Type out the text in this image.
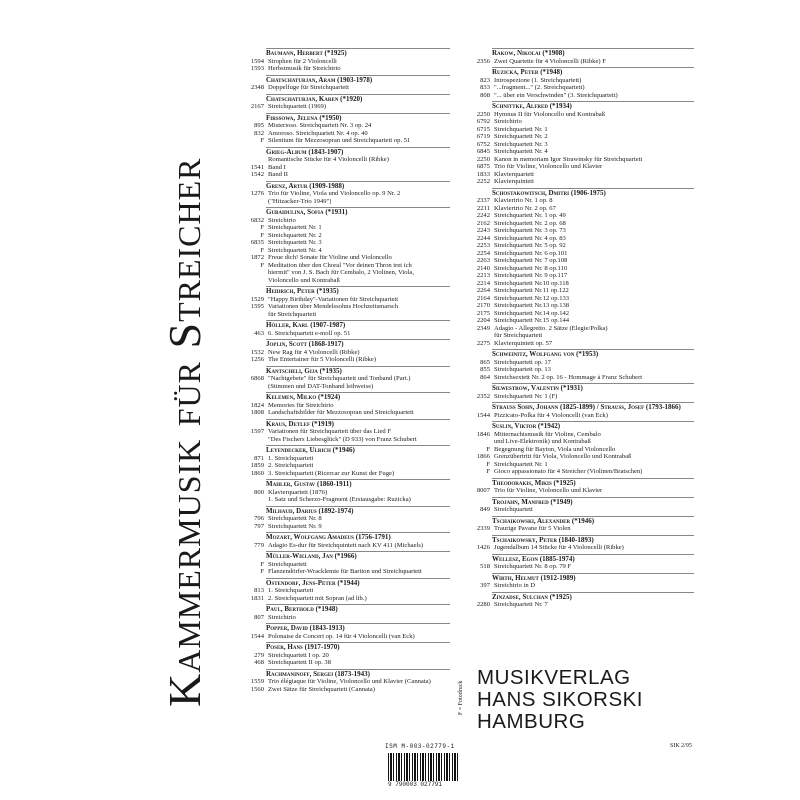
Kammermusik für Streicher	F = Fotodruck
Baumann, Herbert (*1925)
1594 Strophen für 2 Violoncelli
1593 Herbstmusik für Streichtrio
Chatschaturjan, Aram (1903-1978)
2348 Doppelfuge für Streichquartett
Chatschaturjan, Karen (*1920)
2167 Streichquartett (1969)
Firssowa, Jelena (*1950)
895 Misterioso. Streichquartett Nr. 3 op. 24
832 Amoroso. Streichquartett Nr. 4 op. 40
F Silentium für Mezzosopran und Streichquartett op. 51
Grieg-Album (1843-1907)
Romantische Stücke für 4 Violoncelli (Ribke)
1541 Band I
1542 Band II
Grenz, Artur (1909-1988)
1276 Trio für Violine, Viola und Violoncello op. 9 Nr. 2
("Hitzacker-Trio 1949")
Gubaidulina, Sofia (*1931)
6832 Streichtrio
F Streichquartett Nr. 1
F Streichquartett Nr. 2
6835 Streichquartett Nr. 3
F Streichquartett Nr. 4
1872 Freue dich! Sonate für Violine und Violoncello
F Meditation über den Choral "Vor deinen Thron tret ich
hiermit" von J. S. Bach für Cembalo, 2 Violinen, Viola,
Violoncello und Kontrabaß
Heidrich, Peter (*1935)
1529 "Happy Birthday"-Variationen für Streichquartett
1595 Variationen über Mendelssohns Hochzeitsmarsch
für Streichquartett
Höller, Karl (1907-1987)
463 6. Streichquartett e-moll op. 51
Joplin, Scott (1868-1917)
1532 New Rag für 4 Violoncelli (Ribke)
1256 The Entertainer für 5 Violoncelli (Ribke)
Kantscheli, Gija (*1935)
6868 "Nachtgebete" für Streichquartett und Tonband (Part.)
(Stimmen und DAT-Tonband leihweise)
Kelemen, Milko (*1924)
1824 Memories für Streichtrio
1808 Landschaftsbilder für Mezzosopran und Streichquartett
Kraus, Detlef (*1919)
1597 Variationen für Streichquartett über das Lied F
"Des Fischers Liebesglück" (D 933) von Franz Schubert
Leyendecker, Ulrich (*1946)
871 1. Streichquartett
1859 2. Streichquartett
1860 3. Streichquartett (Ricercar zur Kunst der Fuge)
Mahler, Gustav (1860-1911)
800 Klavierquartett (1876)
1. Satz und Scherzo-Fragment (Erstausgabe: Ruzicka)
Milhaud, Darius (1892-1974)
796 Streichquartett Nr. 8
797 Streichquartett Nr. 9
Mozart, Wolfgang Amadeus (1756-1791)
779 Adagio Es-dur für Streichquintett nach KV 411 (Michaels)
Müller-Wieland, Jan (*1966)
F Streichquartett
F Flanzendörfer-Wracklemte für Bariton und Streichquartett
Ostendorf, Jens-Peter (*1944)
813 1. Streichquartett
1831 2. Streichquartett mit Sopran (ad lib.)
Paul, Berthold (*1948)
807 Streichtrio
Popper, David (1843-1913)
1544 Polonaise de Concert op. 14 für 4 Violoncelli (van Eck)
Poser, Hans (1917-1970)
279 Streichquartett I op. 20
468 Streichquartett II op. 38
Rachmaninoff, Sergei (1873-1943)
1559 Trio élégiaque für Violine, Violoncello und Klavier (Cannata)
1560 Zwei Sätze für Streichquartett (Cannata)
Rakow, Nikolai (*1908)
2356 Zwei Quartette für 4 Violoncelli (Ribke) F
Ruzicka, Peter (*1948)
823 Introspezione (1. Streichquartett)
833 "...fragment..." (2. Streichquartett)
808 "... über ein Verschwinden" (3. Streichquartett)
Schnittke, Alfred (*1934)
2250 Hymnus II für Violoncello und Kontrabaß
6792 Streichtrio
6715 Streichquartett Nr. 1
6719 Streichquartett Nr. 2
6752 Streichquartett Nr. 3
6845 Streichquartett Nr. 4
2250 Kanon in memoriam Igor Strawinsky für Streichquartett
6875 Trio für Violine, Violoncello und Klavier
1833 Klavierquartett
2252 Klavierquintett
Schostakowitsch, Dmitri (1906-1975)
2337 Klaviertrio Nr. 1 op. 8
2211 Klaviertrio Nr. 2 op. 67
2242 Streichquartett Nr. 1 op. 49
2162 Streichquartett Nr. 2 op. 68
2243 Streichquartett Nr. 3 op. 73
2244 Streichquartett Nr. 4 op. 83
2253 Streichquartett Nr. 5 op. 92
2254 Streichquartett Nr. 6 op.101
2263 Streichquartett Nr. 7 op.108
2140 Streichquartett Nr. 8 op.110
2213 Streichquartett Nr. 9 op.117
2214 Streichquartett Nr.10 op.118
2264 Streichquartett Nr.11 op.122
2164 Streichquartett Nr.12 op.133
2170 Streichquartett Nr.13 op.138
2175 Streichquartett Nr.14 op.142
2204 Streichquartett Nr.15 op.144
2349 Adagio - Allegretto. 2 Sätze (Elegie/Polka)
für Streichquartett
2275 Klavierquintett op. 57
Schweinitz, Wolfgang von (*1953)
865 Streichquartett op. 17
855 Streichquartett op. 13
864 Streichsextett Nr. 2 op. 16 - Hommage à Franz Schubert
Silwestrow, Valentin (*1931)
2352 Streichquartett Nr. 1 (F)
Strauss Sohn, Johann (1825-1899) / Strauss, Josef (1793-1866)
1544 Pizzicato-Polka für 4 Violoncelli (van Eck)
Suslin, Viktor (*1942)
1846 Mitternachtsmusik für Violine, Cembalo
und Live-Elektronik) und Kontrabaß
F Begegnung für Bayton, Viola und Violoncello
1866 Grenzübertritt für Viola, Violoncello und Kontrabaß
F Streichquartett Nr. 1
F Gioco appassionato für 4 Streicher (Violinen/Bratschen)
Theodorakis, Mikis (*1925)
8007 Trio für Violine, Violoncello und Klavier
Trojahn, Manfred (*1949)
849 Streichquartett
Tschaikowski, Alexander (*1946)
2339 Traurige Pavane für 5 Violen
Tschaikowsky, Peter (1840-1893)
1426 Jugendalbum 14 Stücke für 4 Violoncelli (Ribke)
Wellesz, Egon (1885-1974)
518 Streichquartett Nr. 8 op. 79 F
Wirth, Helmut (1912-1989)
397 Streichtrio in D
Zinzadse, Sulchan (*1925)
2280 Streichquartett Nr. 7
MUSIKVERLAG
HANS SIKORSKI
HAMBURG
ISM M-003-02779-1	SIK 2/95
9 790003 027791
